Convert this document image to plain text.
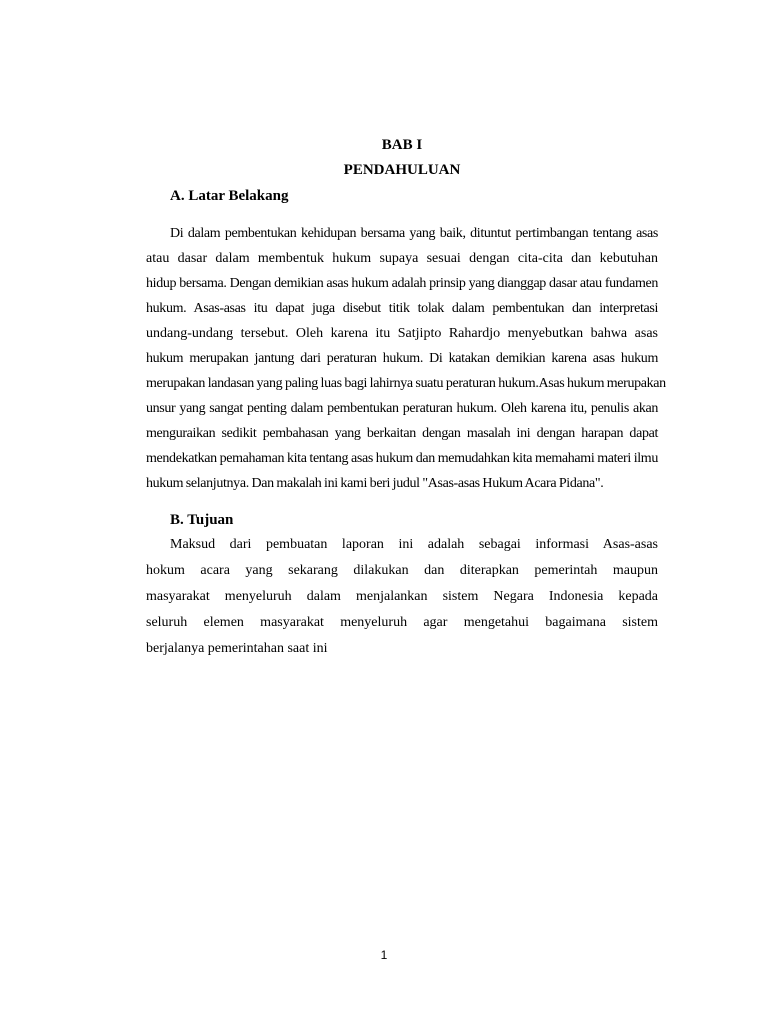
BAB I
PENDAHULUAN
A. Latar Belakang
Di dalam pembentukan kehidupan bersama yang baik, dituntut pertimbangan tentang asas
atau dasar dalam membentuk hukum supaya sesuai dengan cita-cita dan kebutuhan
hidup bersama. Dengan demikian asas hukum adalah prinsip yang dianggap dasar atau fundamen
hukum. Asas-asas itu dapat juga disebut titik tolak dalam pembentukan dan interpretasi
undang-undang tersebut. Oleh karena itu Satjipto Rahardjo menyebutkan bahwa asas
hukum merupakan jantung dari peraturan hukum. Di katakan demikian karena asas hukum
merupakan landasan yang paling luas bagi lahirnya suatu peraturan hukum.Asas hukum merupakan
unsur yang sangat penting dalam pembentukan peraturan hukum. Oleh karena itu, penulis akan
menguraikan sedikit pembahasan yang berkaitan dengan masalah ini dengan harapan dapat
mendekatkan pemahaman kita tentang asas hukum dan memudahkan kita memahami materi ilmu
hukum selanjutnya. Dan makalah ini kami beri judul "Asas-asas Hukum Acara Pidana".
B. Tujuan
Maksud dari pembuatan laporan ini adalah sebagai informasi Asas-asas
hokum acara yang sekarang dilakukan dan diterapkan pemerintah maupun
masyarakat menyeluruh dalam menjalankan sistem Negara Indonesia kepada
seluruh elemen masyarakat menyeluruh agar mengetahui bagaimana sistem
berjalanya pemerintahan saat ini
1
